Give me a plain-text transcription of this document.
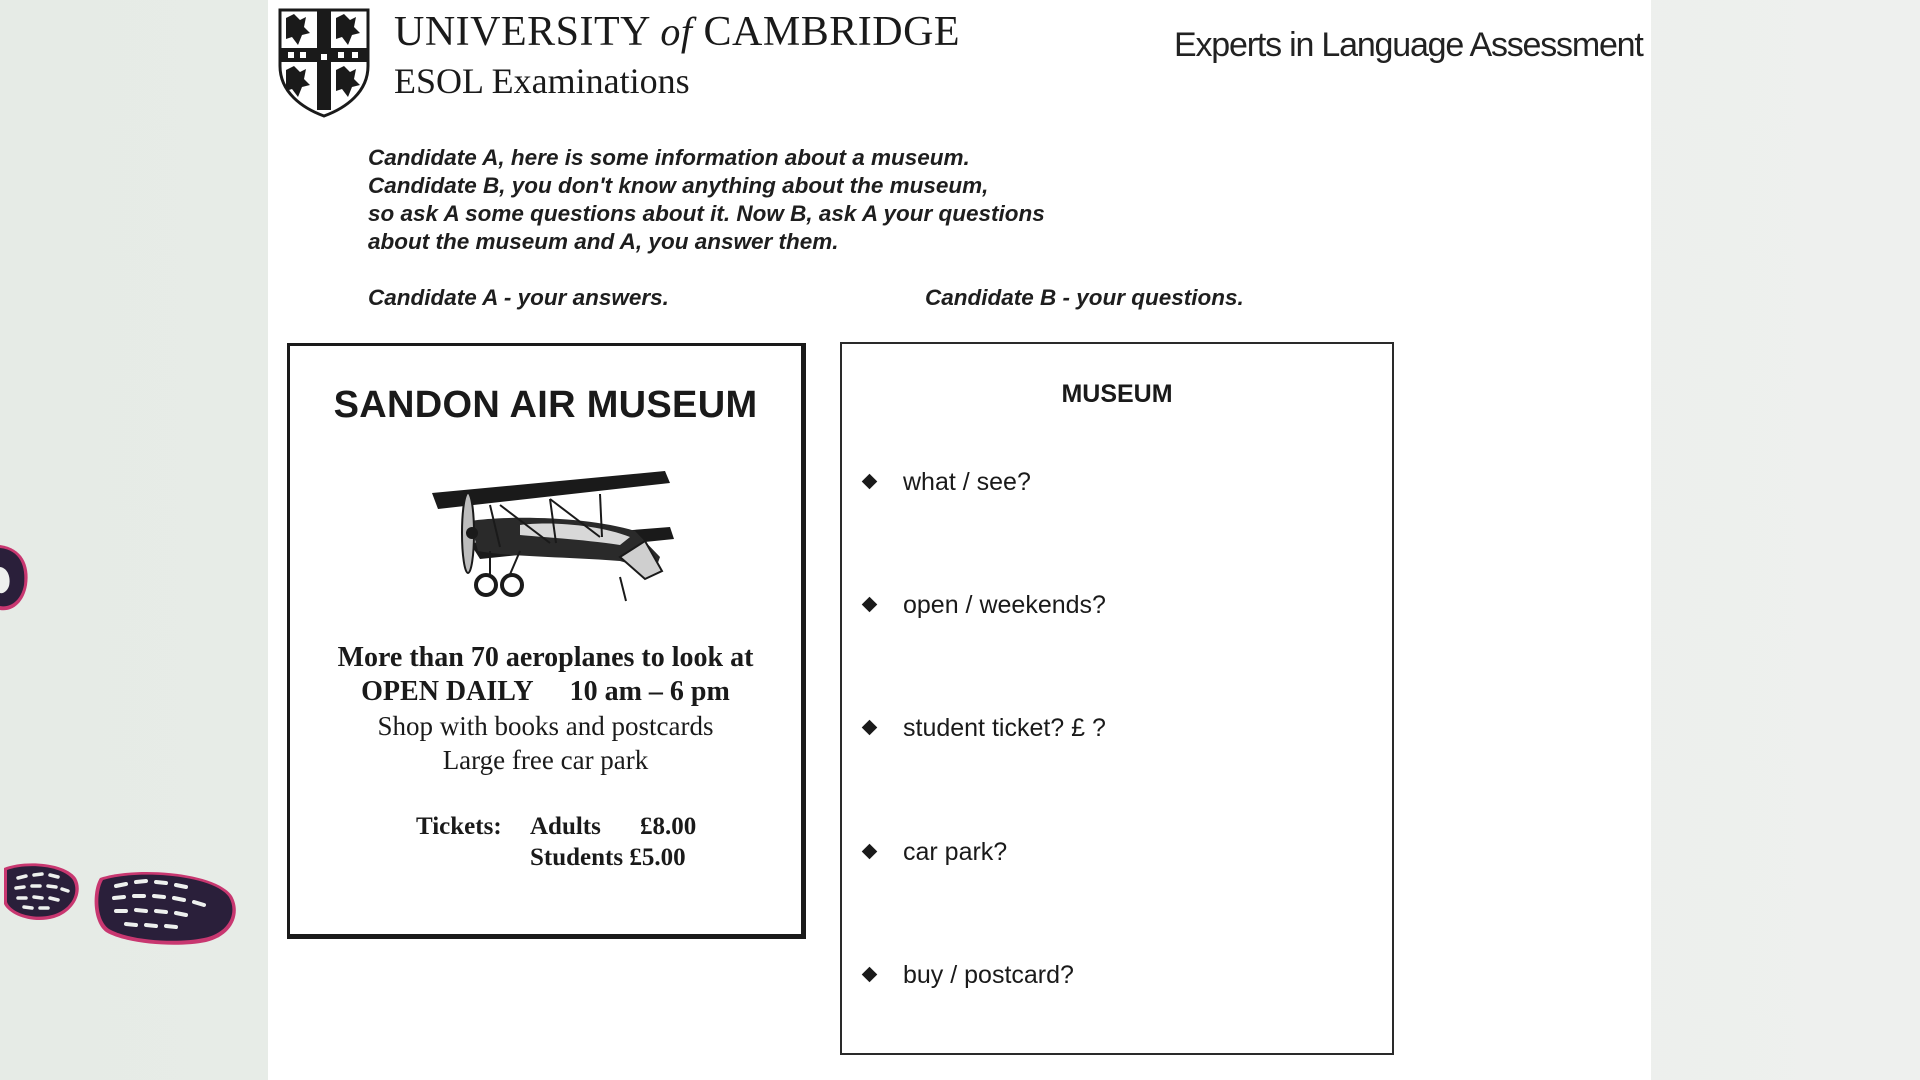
UNIVERSITY of CAMBRIDGE
ESOL Examinations
Experts in Language Assessment
Candidate A, here is some information about a museum.
Candidate B, you don't know anything about the museum,
so ask A some questions about it. Now B, ask A your questions
about the museum and A, you answer them.
Candidate A - your answers.	Candidate B - your questions.
SANDON AIR MUSEUM
More than 70 aeroplanes to look at
OPEN DAILY 10 am – 6 pm
Shop with books and postcards
Large free car park
Tickets: Adults £8.00
Students £5.00
MUSEUM
what / see?
open / weekends?
student ticket? £ ?
car park?
buy / postcard?
